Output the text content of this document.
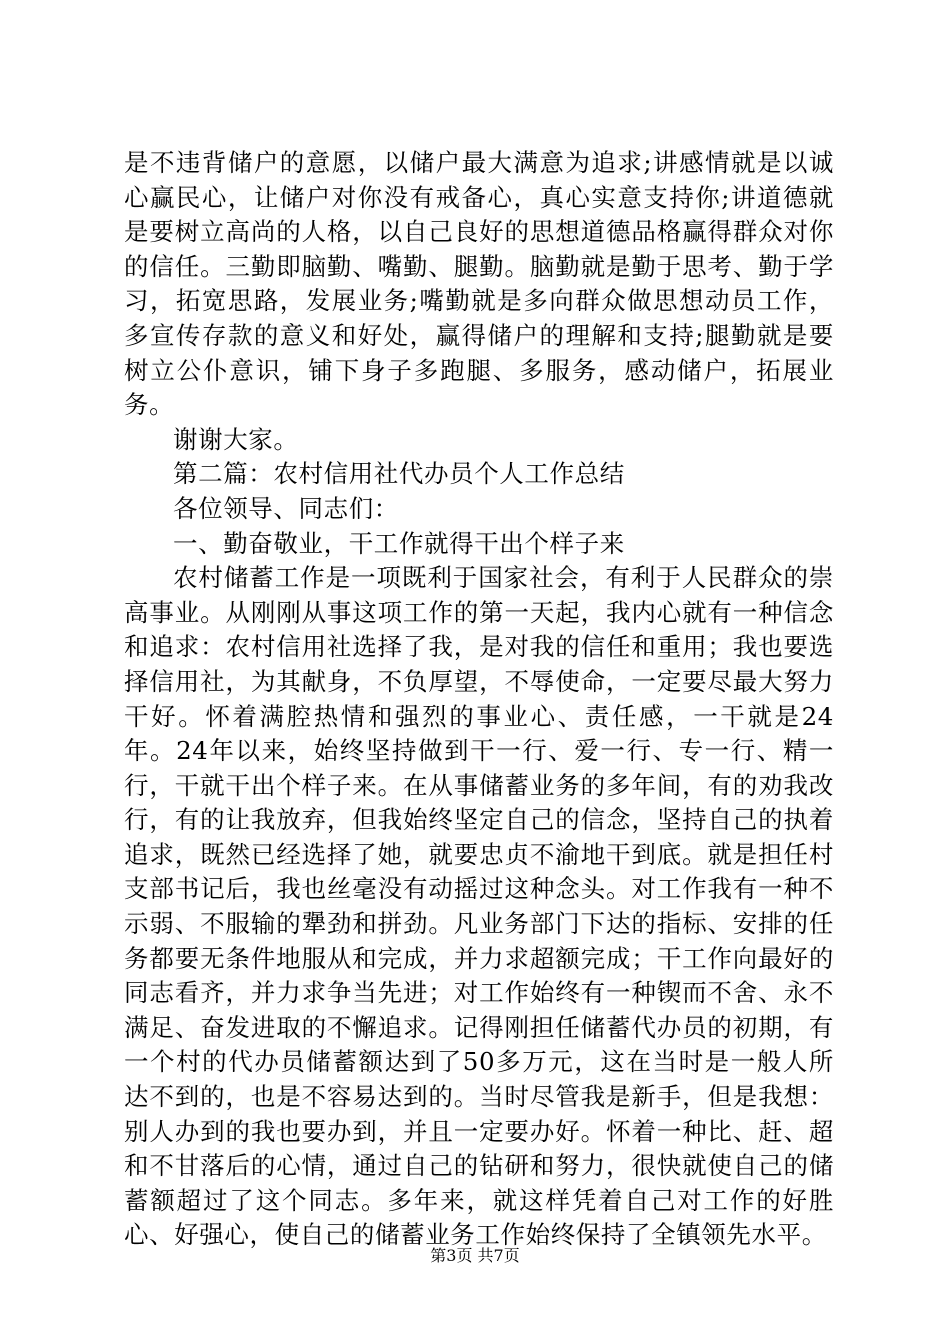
是不违背储户的意愿，以储户最大满意为追求;讲感情就是以诚心赢民心，让储户对你没有戒备心，真心实意支持你;讲道德就是要树立高尚的人格，以自己良好的思想道德品格赢得群众对你的信任。三勤即脑勤、嘴勤、腿勤。脑勤就是勤于思考、勤于学习，拓宽思路，发展业务;嘴勤就是多向群众做思想动员工作，多宣传存款的意义和好处，赢得储户的理解和支持;腿勤就是要树立公仆意识，铺下身子多跑腿、多服务，感动储户，拓展业务。

谢谢大家。

第二篇：农村信用社代办员个人工作总结

各位领导、同志们：

一、勤奋敬业，干工作就得干出个样子来

农村储蓄工作是一项既利于国家社会，有利于人民群众的崇高事业。从刚刚从事这项工作的第一天起，我内心就有一种信念和追求：农村信用社选择了我，是对我的信任和重用；我也要选择信用社，为其献身，不负厚望，不辱使命，一定要尽最大努力干好。怀着满腔热情和强烈的事业心、责任感，一干就是24年。24年以来，始终坚持做到干一行、爱一行、专一行、精一行，干就干出个样子来。在从事储蓄业务的多年间，有的劝我改行，有的让我放弃，但我始终坚定自己的信念，坚持自己的执着追求，既然已经选择了她，就要忠贞不渝地干到底。就是担任村支部书记后，我也丝毫没有动摇过这种念头。对工作我有一种不示弱、不服输的犟劲和拼劲。凡业务部门下达的指标、安排的任务都要无条件地服从和完成，并力求超额完成；干工作向最好的同志看齐，并力求争当先进；对工作始终有一种锲而不舍、永不满足、奋发进取的不懈追求。记得刚担任储蓄代办员的初期，有一个村的代办员储蓄额达到了50多万元，这在当时是一般人所达不到的，也是不容易达到的。当时尽管我是新手，但是我想：别人办到的我也要办到，并且一定要办好。怀着一种比、赶、超和不甘落后的心情，通过自己的钻研和努力，很快就使自己的储蓄额超过了这个同志。多年来，就这样凭着自己对工作的好胜心、好强心，使自己的储蓄业务工作始终保持了全镇领先水平。

第3页 共7页
